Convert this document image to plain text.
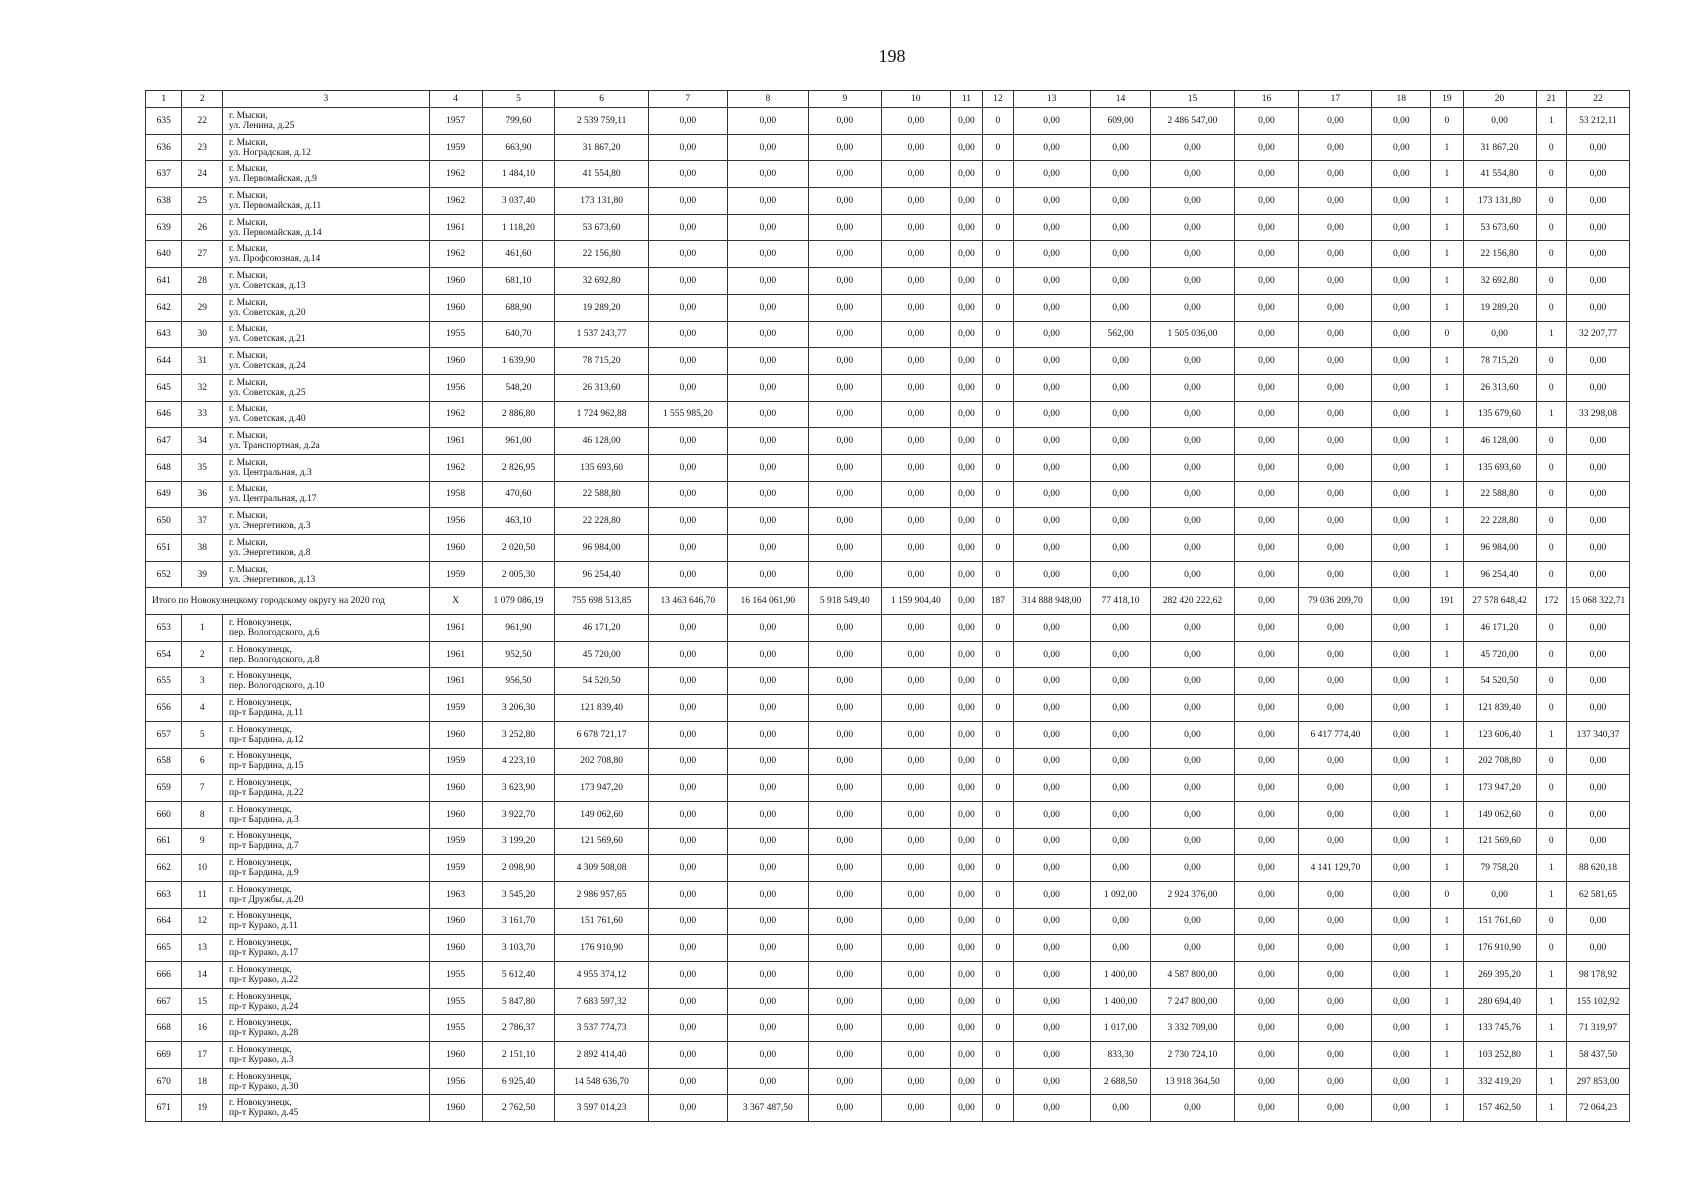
198
1	2	3	4	5	6	7	8	9	10	11	12	13	14	15	16	17	18	19	20	21	22
635	22	г. Мыски,
ул. Ленина, д.25	1957	799,60	2 539 759,11	0,00	0,00	0,00	0,00	0,00	0	0,00	609,00	2 486 547,00	0,00	0,00	0,00	0	0,00	1	53 212,11
636	23	г. Мыски,
ул. Ноградская, д.12	1959	663,90	31 867,20	0,00	0,00	0,00	0,00	0,00	0	0,00	0,00	0,00	0,00	0,00	0,00	1	31 867,20	0	0,00
637	24	г. Мыски,
ул. Первомайская, д.9	1962	1 484,10	41 554,80	0,00	0,00	0,00	0,00	0,00	0	0,00	0,00	0,00	0,00	0,00	0,00	1	41 554,80	0	0,00
638	25	г. Мыски,
ул. Первомайская, д.11	1962	3 037,40	173 131,80	0,00	0,00	0,00	0,00	0,00	0	0,00	0,00	0,00	0,00	0,00	0,00	1	173 131,80	0	0,00
639	26	г. Мыски,
ул. Первомайская, д.14	1961	1 118,20	53 673,60	0,00	0,00	0,00	0,00	0,00	0	0,00	0,00	0,00	0,00	0,00	0,00	1	53 673,60	0	0,00
640	27	г. Мыски,
ул. Профсоюзная, д.14	1962	461,60	22 156,80	0,00	0,00	0,00	0,00	0,00	0	0,00	0,00	0,00	0,00	0,00	0,00	1	22 156,80	0	0,00
641	28	г. Мыски,
ул. Советская, д.13	1960	681,10	32 692,80	0,00	0,00	0,00	0,00	0,00	0	0,00	0,00	0,00	0,00	0,00	0,00	1	32 692,80	0	0,00
642	29	г. Мыски,
ул. Советская, д.20	1960	688,90	19 289,20	0,00	0,00	0,00	0,00	0,00	0	0,00	0,00	0,00	0,00	0,00	0,00	1	19 289,20	0	0,00
643	30	г. Мыски,
ул. Советская, д.21	1955	640,70	1 537 243,77	0,00	0,00	0,00	0,00	0,00	0	0,00	562,00	1 505 036,00	0,00	0,00	0,00	0	0,00	1	32 207,77
644	31	г. Мыски,
ул. Советская, д.24	1960	1 639,90	78 715,20	0,00	0,00	0,00	0,00	0,00	0	0,00	0,00	0,00	0,00	0,00	0,00	1	78 715,20	0	0,00
645	32	г. Мыски,
ул. Советская, д.25	1956	548,20	26 313,60	0,00	0,00	0,00	0,00	0,00	0	0,00	0,00	0,00	0,00	0,00	0,00	1	26 313,60	0	0,00
646	33	г. Мыски,
ул. Советская, д.40	1962	2 886,80	1 724 962,88	1 555 985,20	0,00	0,00	0,00	0,00	0	0,00	0,00	0,00	0,00	0,00	0,00	1	135 679,60	1	33 298,08
647	34	г. Мыски,
ул. Транспортная, д.2а	1961	961,00	46 128,00	0,00	0,00	0,00	0,00	0,00	0	0,00	0,00	0,00	0,00	0,00	0,00	1	46 128,00	0	0,00
648	35	г. Мыски,
ул. Центральная, д.3	1962	2 826,95	135 693,60	0,00	0,00	0,00	0,00	0,00	0	0,00	0,00	0,00	0,00	0,00	0,00	1	135 693,60	0	0,00
649	36	г. Мыски,
ул. Центральная, д.17	1958	470,60	22 588,80	0,00	0,00	0,00	0,00	0,00	0	0,00	0,00	0,00	0,00	0,00	0,00	1	22 588,80	0	0,00
650	37	г. Мыски,
ул. Энергетиков, д.3	1956	463,10	22 228,80	0,00	0,00	0,00	0,00	0,00	0	0,00	0,00	0,00	0,00	0,00	0,00	1	22 228,80	0	0,00
651	38	г. Мыски,
ул. Энергетиков, д.8	1960	2 020,50	96 984,00	0,00	0,00	0,00	0,00	0,00	0	0,00	0,00	0,00	0,00	0,00	0,00	1	96 984,00	0	0,00
652	39	г. Мыски,
ул. Энергетиков, д.13	1959	2 005,30	96 254,40	0,00	0,00	0,00	0,00	0,00	0	0,00	0,00	0,00	0,00	0,00	0,00	1	96 254,40	0	0,00
Итого по Новокузнецкому городскому округу на 2020 год			Х	1 079 086,19	755 698 513,85	13 463 646,70	16 164 061,90	5 918 549,40	1 159 904,40	0,00	187	314 888 948,00	77 418,10	282 420 222,62	0,00	79 036 209,70	0,00	191	27 578 648,42	172	15 068 322,71
653	1	г. Новокузнецк,
пер. Вологодского, д.6	1961	961,90	46 171,20	0,00	0,00	0,00	0,00	0,00	0	0,00	0,00	0,00	0,00	0,00	0,00	1	46 171,20	0	0,00
654	2	г. Новокузнецк,
пер. Вологодского, д.8	1961	952,50	45 720,00	0,00	0,00	0,00	0,00	0,00	0	0,00	0,00	0,00	0,00	0,00	0,00	1	45 720,00	0	0,00
655	3	г. Новокузнецк,
пер. Вологодского, д.10	1961	956,50	54 520,50	0,00	0,00	0,00	0,00	0,00	0	0,00	0,00	0,00	0,00	0,00	0,00	1	54 520,50	0	0,00
656	4	г. Новокузнецк,
пр-т Бардина, д.11	1959	3 206,30	121 839,40	0,00	0,00	0,00	0,00	0,00	0	0,00	0,00	0,00	0,00	0,00	0,00	1	121 839,40	0	0,00
657	5	г. Новокузнецк,
пр-т Бардина, д.12	1960	3 252,80	6 678 721,17	0,00	0,00	0,00	0,00	0,00	0	0,00	0,00	0,00	0,00	6 417 774,40	0,00	1	123 606,40	1	137 340,37
658	6	г. Новокузнецк,
пр-т Бардина, д.15	1959	4 223,10	202 708,80	0,00	0,00	0,00	0,00	0,00	0	0,00	0,00	0,00	0,00	0,00	0,00	1	202 708,80	0	0,00
659	7	г. Новокузнецк,
пр-т Бардина, д.22	1960	3 623,90	173 947,20	0,00	0,00	0,00	0,00	0,00	0	0,00	0,00	0,00	0,00	0,00	0,00	1	173 947,20	0	0,00
660	8	г. Новокузнецк,
пр-т Бардина, д.3	1960	3 922,70	149 062,60	0,00	0,00	0,00	0,00	0,00	0	0,00	0,00	0,00	0,00	0,00	0,00	1	149 062,60	0	0,00
661	9	г. Новокузнецк,
пр-т Бардина, д.7	1959	3 199,20	121 569,60	0,00	0,00	0,00	0,00	0,00	0	0,00	0,00	0,00	0,00	0,00	0,00	1	121 569,60	0	0,00
662	10	г. Новокузнецк,
пр-т Бардина, д.9	1959	2 098,90	4 309 508,08	0,00	0,00	0,00	0,00	0,00	0	0,00	0,00	0,00	0,00	4 141 129,70	0,00	1	79 758,20	1	88 620,18
663	11	г. Новокузнецк,
пр-т Дружбы, д.20	1963	3 545,20	2 986 957,65	0,00	0,00	0,00	0,00	0,00	0	0,00	1 092,00	2 924 376,00	0,00	0,00	0,00	0	0,00	1	62 581,65
664	12	г. Новокузнецк,
пр-т Курако, д.11	1960	3 161,70	151 761,60	0,00	0,00	0,00	0,00	0,00	0	0,00	0,00	0,00	0,00	0,00	0,00	1	151 761,60	0	0,00
665	13	г. Новокузнецк,
пр-т Курако, д.17	1960	3 103,70	176 910,90	0,00	0,00	0,00	0,00	0,00	0	0,00	0,00	0,00	0,00	0,00	0,00	1	176 910,90	0	0,00
666	14	г. Новокузнецк,
пр-т Курако, д.22	1955	5 612,40	4 955 374,12	0,00	0,00	0,00	0,00	0,00	0	0,00	1 400,00	4 587 800,00	0,00	0,00	0,00	1	269 395,20	1	98 178,92
667	15	г. Новокузнецк,
пр-т Курако, д.24	1955	5 847,80	7 683 597,32	0,00	0,00	0,00	0,00	0,00	0	0,00	1 400,00	7 247 800,00	0,00	0,00	0,00	1	280 694,40	1	155 102,92
668	16	г. Новокузнецк,
пр-т Курако, д.28	1955	2 786,37	3 537 774,73	0,00	0,00	0,00	0,00	0,00	0	0,00	1 017,00	3 332 709,00	0,00	0,00	0,00	1	133 745,76	1	71 319,97
669	17	г. Новокузнецк,
пр-т Курако, д.3	1960	2 151,10	2 892 414,40	0,00	0,00	0,00	0,00	0,00	0	0,00	833,30	2 730 724,10	0,00	0,00	0,00	1	103 252,80	1	58 437,50
670	18	г. Новокузнецк,
пр-т Курако, д.30	1956	6 925,40	14 548 636,70	0,00	0,00	0,00	0,00	0,00	0	0,00	2 688,50	13 918 364,50	0,00	0,00	0,00	1	332 419,20	1	297 853,00
671	19	г. Новокузнецк,
пр-т Курако, д.45	1960	2 762,50	3 597 014,23	0,00	3 367 487,50	0,00	0,00	0,00	0	0,00	0,00	0,00	0,00	0,00	0,00	1	157 462,50	1	72 064,23
